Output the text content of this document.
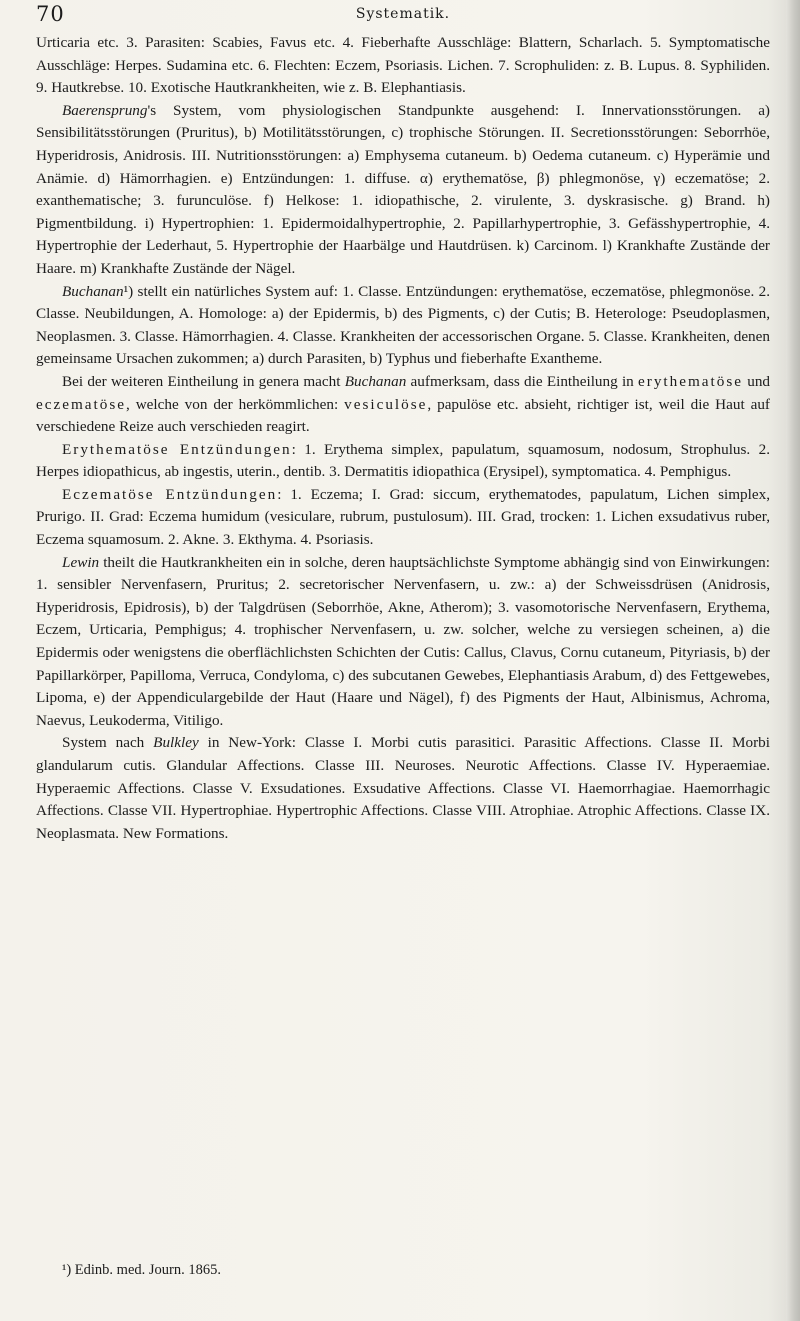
70	Systematik.

Urticaria etc. 3. Parasiten: Scabies, Favus etc. 4. Fieberhafte Ausschläge: Blattern, Scharlach. 5. Symptomatische Ausschläge: Herpes. Sudamina etc. 6. Flechten: Eczem, Psoriasis. Lichen. 7. Scrophuliden: z. B. Lupus. 8. Syphiliden. 9. Hautkrebse. 10. Exotische Hautkrankheiten, wie z. B. Elephantiasis.

Baerensprung's System, vom physiologischen Standpunkte ausgehend: I. Innervationsstörungen. a) Sensibilitätsstörungen (Pruritus), b) Motilitätsstörungen, c) trophische Störungen. II. Secretionsstörungen: Seborrhöe, Hyperidrosis, Anidrosis. III. Nutritionsstörungen: a) Emphysema cutaneum. b) Oedema cutaneum. c) Hyperämie und Anämie. d) Hämorrhagien. e) Entzündungen: 1. diffuse. α) erythematöse, β) phlegmonöse, γ) eczematöse; 2. exanthematische; 3. furunculöse. f) Helkose: 1. idiopathische, 2. virulente, 3. dyskrasische. g) Brand. h) Pigmentbildung. i) Hypertrophien: 1. Epidermoidalhypertrophie, 2. Papillarhypertrophie, 3. Gefässhypertrophie, 4. Hypertrophie der Lederhaut, 5. Hypertrophie der Haarbälge und Hautdrüsen. k) Carcinom. l) Krankhafte Zustände der Haare. m) Krankhafte Zustände der Nägel.

Buchanan¹) stellt ein natürliches System auf: 1. Classe. Entzündungen: erythematöse, eczematöse, phlegmonöse. 2. Classe. Neubildungen, A. Homologe: a) der Epidermis, b) des Pigments, c) der Cutis; B. Heterologe: Pseudoplasmen, Neoplasmen. 3. Classe. Hämorrhagien. 4. Classe. Krankheiten der accessorischen Organe. 5. Classe. Krankheiten, denen gemeinsame Ursachen zukommen; a) durch Parasiten, b) Typhus und fieberhafte Exantheme.

Bei der weiteren Eintheilung in genera macht Buchanan aufmerksam, dass die Eintheilung in erythematöse und eczematöse, welche von der herkömmlichen: vesiculöse, papulöse etc. absieht, richtiger ist, weil die Haut auf verschiedene Reize auch verschieden reagirt.

Erythematöse Entzündungen: 1. Erythema simplex, papulatum, squamosum, nodosum, Strophulus. 2. Herpes idiopathicus, ab ingestis, uterin., dentib. 3. Dermatitis idiopathica (Erysipel), symptomatica. 4. Pemphigus.

Eczematöse Entzündungen: 1. Eczema; I. Grad: siccum, erythematodes, papulatum, Lichen simplex, Prurigo. II. Grad: Eczema humidum (vesiculare, rubrum, pustulosum). III. Grad, trocken: 1. Lichen exsudativus ruber, Eczema squamosum. 2. Akne. 3. Ekthyma. 4. Psoriasis.

Lewin theilt die Hautkrankheiten ein in solche, deren hauptsächlichste Symptome abhängig sind von Einwirkungen: 1. sensibler Nervenfasern, Pruritus; 2. secretorischer Nervenfasern, u. zw.: a) der Schweissdrüsen (Anidrosis, Hyperidrosis, Epidrosis), b) der Talgdrüsen (Seborrhöe, Akne, Atherom); 3. vasomotorische Nervenfasern, Erythema, Eczem, Urticaria, Pemphigus; 4. trophischer Nervenfasern, u. zw. solcher, welche zu versiegen scheinen, a) die Epidermis oder wenigstens die oberflächlichsten Schichten der Cutis: Callus, Clavus, Cornu cutaneum, Pityriasis, b) der Papillarkörper, Papilloma, Verruca, Condyloma, c) des subcutanen Gewebes, Elephantiasis Arabum, d) des Fettgewebes, Lipoma, e) der Appendiculargebilde der Haut (Haare und Nägel), f) des Pigments der Haut, Albinismus, Achroma, Naevus, Leukoderma, Vitiligo.

System nach Bulkley in New-York: Classe I. Morbi cutis parasitici. Parasitic Affections. Classe II. Morbi glandularum cutis. Glandular Affections. Classe III. Neuroses. Neurotic Affections. Classe IV. Hyperaemiae. Hyperaemic Affections. Classe V. Exsudationes. Exsudative Affections. Classe VI. Haemorrhagiae. Haemorrhagic Affections. Classe VII. Hypertrophiae. Hypertrophic Affections. Classe VIII. Atrophiae. Atrophic Affections. Classe IX. Neoplasmata. New Formations.

¹) Edinb. med. Journ. 1865.
